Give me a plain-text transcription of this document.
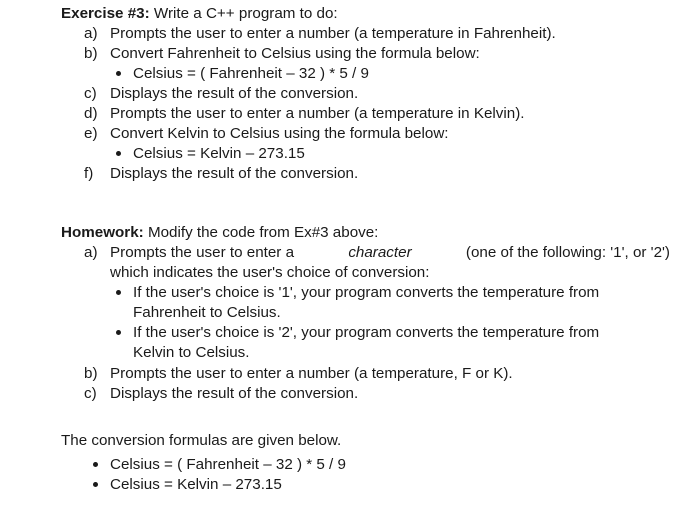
Exercise #3: Write a C++ program to do:
a) Prompts the user to enter a number (a temperature in Fahrenheit).
b) Convert Fahrenheit to Celsius using the formula below:
Celsius = ( Fahrenheit – 32 ) * 5 / 9
c) Displays the result of the conversion.
d) Prompts the user to enter a number (a temperature in Kelvin).
e) Convert Kelvin to Celsius using the formula below:
Celsius = Kelvin – 273.15
f) Displays the result of the conversion.
Homework: Modify the code from Ex#3 above:
a) Prompts the user to enter a	character	(one of the following: '1', or '2')
which indicates the user's choice of conversion:
If the user's choice is '1', your program converts the temperature from
Fahrenheit to Celsius.
If the user's choice is '2', your program converts the temperature from
Kelvin to Celsius.
b) Prompts the user to enter a number (a temperature, F or K).
c) Displays the result of the conversion.
The conversion formulas are given below.
Celsius = ( Fahrenheit – 32 ) * 5 / 9
Celsius = Kelvin – 273.15
